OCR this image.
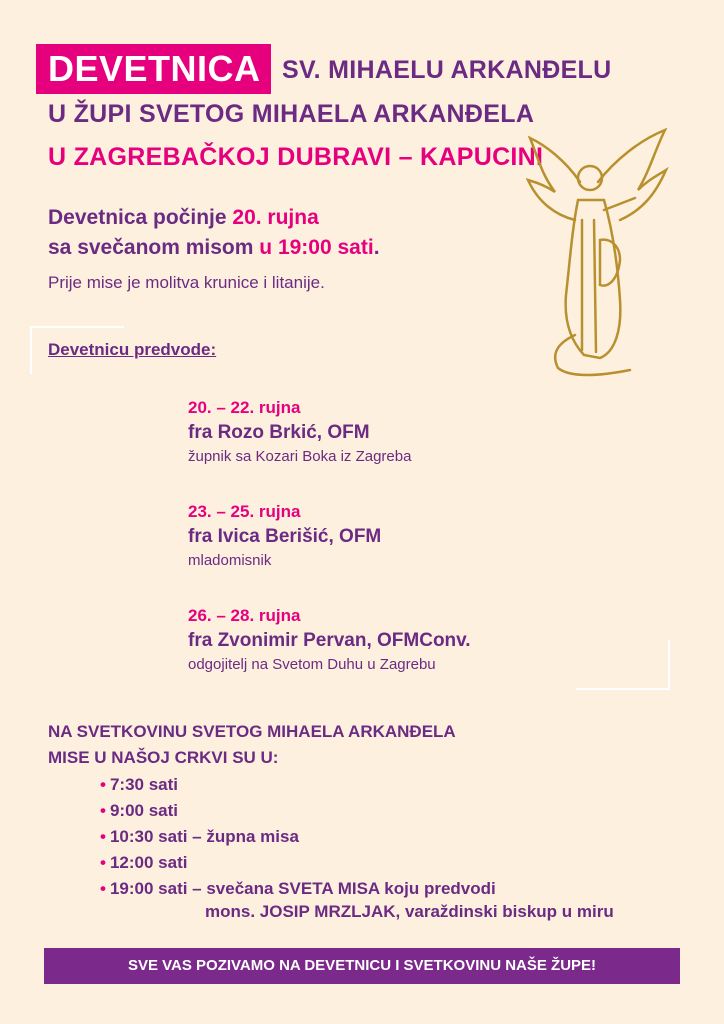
DEVETNICA SV. MIHAELU ARKANĐELU
U ŽUPI SVETOG MIHAELA ARKANĐELA
U ZAGREBAČKOJ DUBRAVI – KAPUCINI
Devetnica počinje 20. rujna
sa svečanom misom u 19:00 sati.
Prije mise je molitva krunice i litanije.
Devetnicu predvode:
20. – 22. rujna
fra Rozo Brkić, OFM
župnik sa Kozari Boka iz Zagreba
23. – 25. rujna
fra Ivica Berišić, OFM
mladomisnik
26. – 28. rujna
fra Zvonimir Pervan, OFMConv.
odgojitelj na Svetom Duhu u Zagrebu
NA SVETKOVINU SVETOG MIHAELA ARKANĐELA
MISE U NAŠOJ CRKVI SU U:
• 7:30 sati
• 9:00 sati
• 10:30 sati – župna misa
• 12:00 sati
• 19:00 sati – svečana SVETA MISA koju predvodi
mons. JOSIP MRZLJAK, varaždinski biskup u miru
SVE VAS POZIVAMO NA DEVETNICU I SVETKOVINU NAŠE ŽUPE!
